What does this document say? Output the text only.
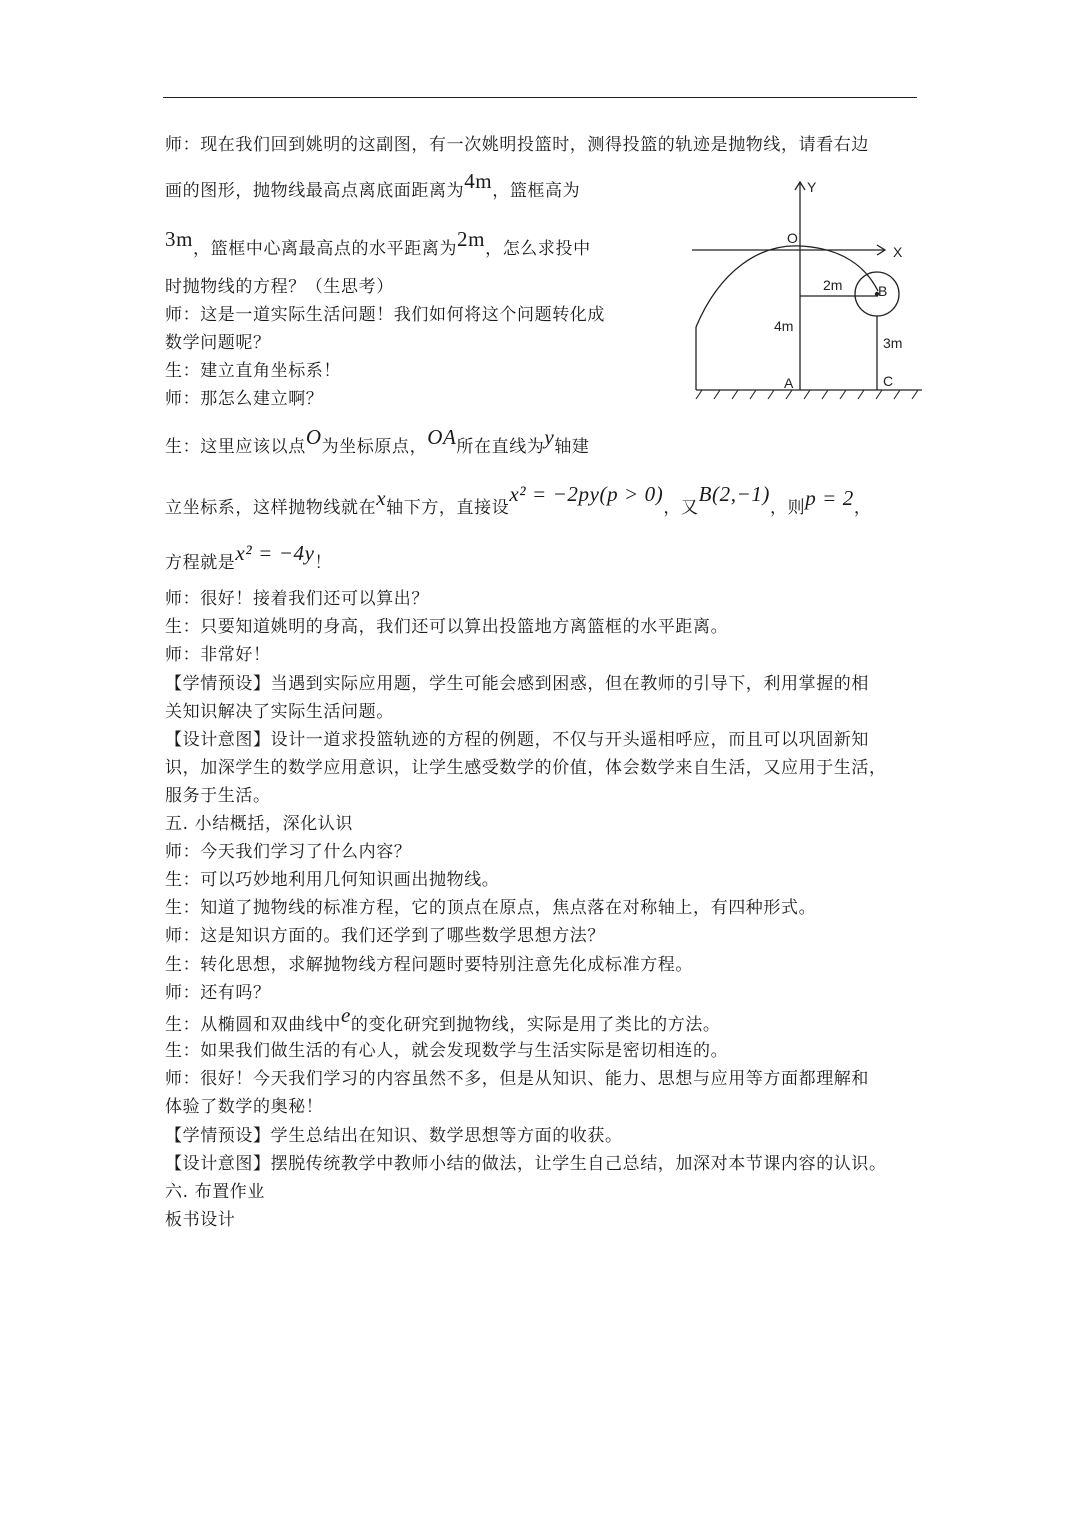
师：现在我们回到姚明的这副图，有一次姚明投篮时，测得投篮的轨迹是抛物线，请看右边
画的图形，抛物线最高点离底面距离为4m，篮框高为
3m，篮框中心离最高点的水平距离为2m，怎么求投中
时抛物线的方程？（生思考）
师：这是一道实际生活问题！我们如何将这个问题转化成
数学问题呢？
生：建立直角坐标系！
师：那怎么建立啊？
生：这里应该以点O为坐标原点，OA所在直线为y轴建
立坐标系，这样抛物线就在x轴下方，直接设x² = −2py(p > 0)，又B(2,−1)，则p = 2，
方程就是x² = −4y！
师：很好！接着我们还可以算出？
生：只要知道姚明的身高，我们还可以算出投篮地方离篮框的水平距离。
师：非常好！
【学情预设】当遇到实际应用题，学生可能会感到困惑，但在教师的引导下，利用掌握的相
关知识解决了实际生活问题。
【设计意图】设计一道求投篮轨迹的方程的例题，不仅与开头遥相呼应，而且可以巩固新知
识，加深学生的数学应用意识，让学生感受数学的价值，体会数学来自生活，又应用于生活，
服务于生活。
五. 小结概括，深化认识
师：今天我们学习了什么内容？
生：可以巧妙地利用几何知识画出抛物线。
生：知道了抛物线的标准方程，它的顶点在原点，焦点落在对称轴上，有四种形式。
师：这是知识方面的。我们还学到了哪些数学思想方法？
生：转化思想，求解抛物线方程问题时要特别注意先化成标准方程。
师：还有吗？
生：从椭圆和双曲线中e的变化研究到抛物线，实际是用了类比的方法。
生：如果我们做生活的有心人，就会发现数学与生活实际是密切相连的。
师：很好！今天我们学习的内容虽然不多，但是从知识、能力、思想与应用等方面都理解和
体验了数学的奥秘！
【学情预设】学生总结出在知识、数学思想等方面的收获。
【设计意图】摆脱传统教学中教师小结的做法，让学生自己总结，加深对本节课内容的认识。
六. 布置作业
板书设计
Y
X
O
B
A	C
2m
4m
3m
